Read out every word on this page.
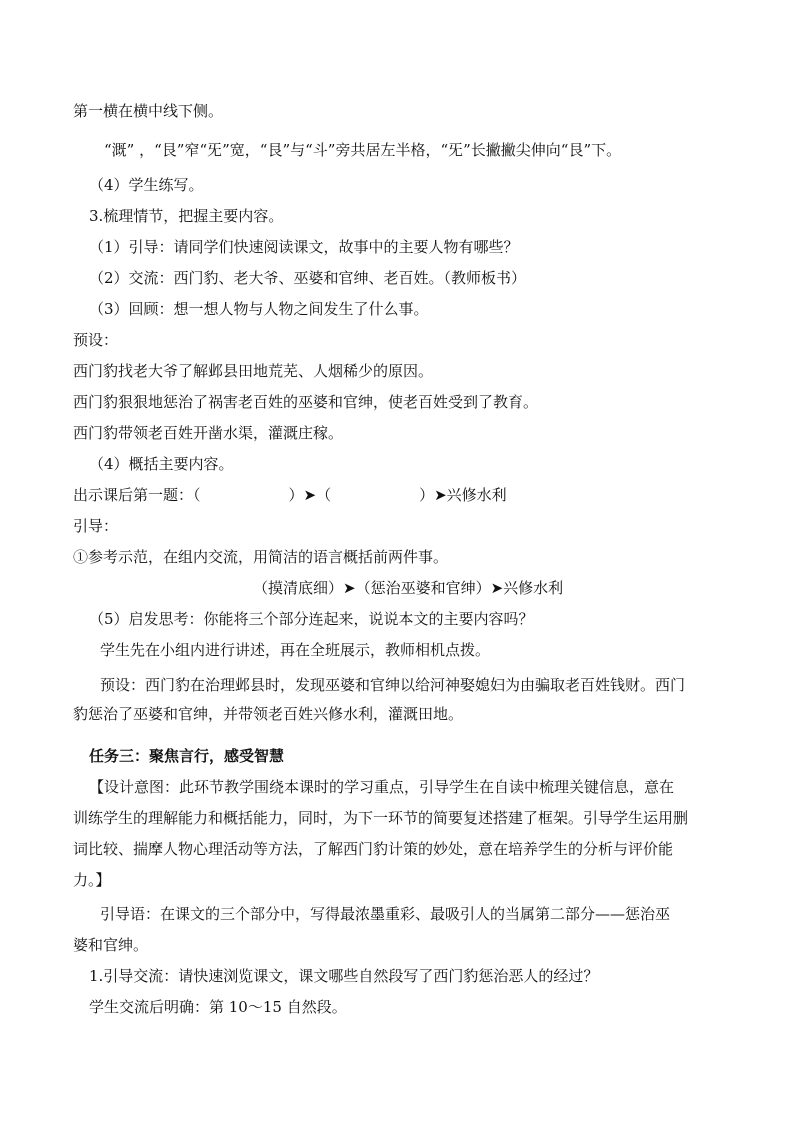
第一横在横中线下侧。
“溉” ，“艮”窄“旡”宽，“艮”与“斗”旁共居左半格，“旡”长撇撇尖伸向“艮”下。
（4）学生练写。
3.梳理情节，把握主要内容。
（1）引导：请同学们快速阅读课文，故事中的主要人物有哪些？
（2）交流：西门豹、老大爷、巫婆和官绅、老百姓。（教师板书）
（3）回顾：想一想人物与人物之间发生了什么事。
预设：
西门豹找老大爷了解邺县田地荒芜、人烟稀少的原因。
西门豹狠狠地惩治了祸害老百姓的巫婆和官绅，使老百姓受到了教育。
西门豹带领老百姓开凿水渠，灌溉庄稼。
（4）概括主要内容。
出示课后第一题：（	）➤（	）➤兴修水利
引导：
①参考示范，在组内交流，用简洁的语言概括前两件事。
（摸清底细）➤（惩治巫婆和官绅）➤兴修水利
（5）启发思考：你能将三个部分连起来，说说本文的主要内容吗？
学生先在小组内进行讲述，再在全班展示，教师相机点拨。
预设：西门豹在治理邺县时，发现巫婆和官绅以给河神娶媳妇为由骗取老百姓钱财。西门
豹惩治了巫婆和官绅，并带领老百姓兴修水利，灌溉田地。
任务三：聚焦言行，感受智慧
【设计意图：此环节教学围绕本课时的学习重点，引导学生在自读中梳理关键信息，意在
训练学生的理解能力和概括能力，同时，为下一环节的简要复述搭建了框架。引导学生运用删
词比较、揣摩人物心理活动等方法，了解西门豹计策的妙处，意在培养学生的分析与评价能
力。】
引导语：在课文的三个部分中，写得最浓墨重彩、最吸引人的当属第二部分——惩治巫
婆和官绅。
1.引导交流：请快速浏览课文，课文哪些自然段写了西门豹惩治恶人的经过？
学生交流后明确：第 10～15 自然段。
